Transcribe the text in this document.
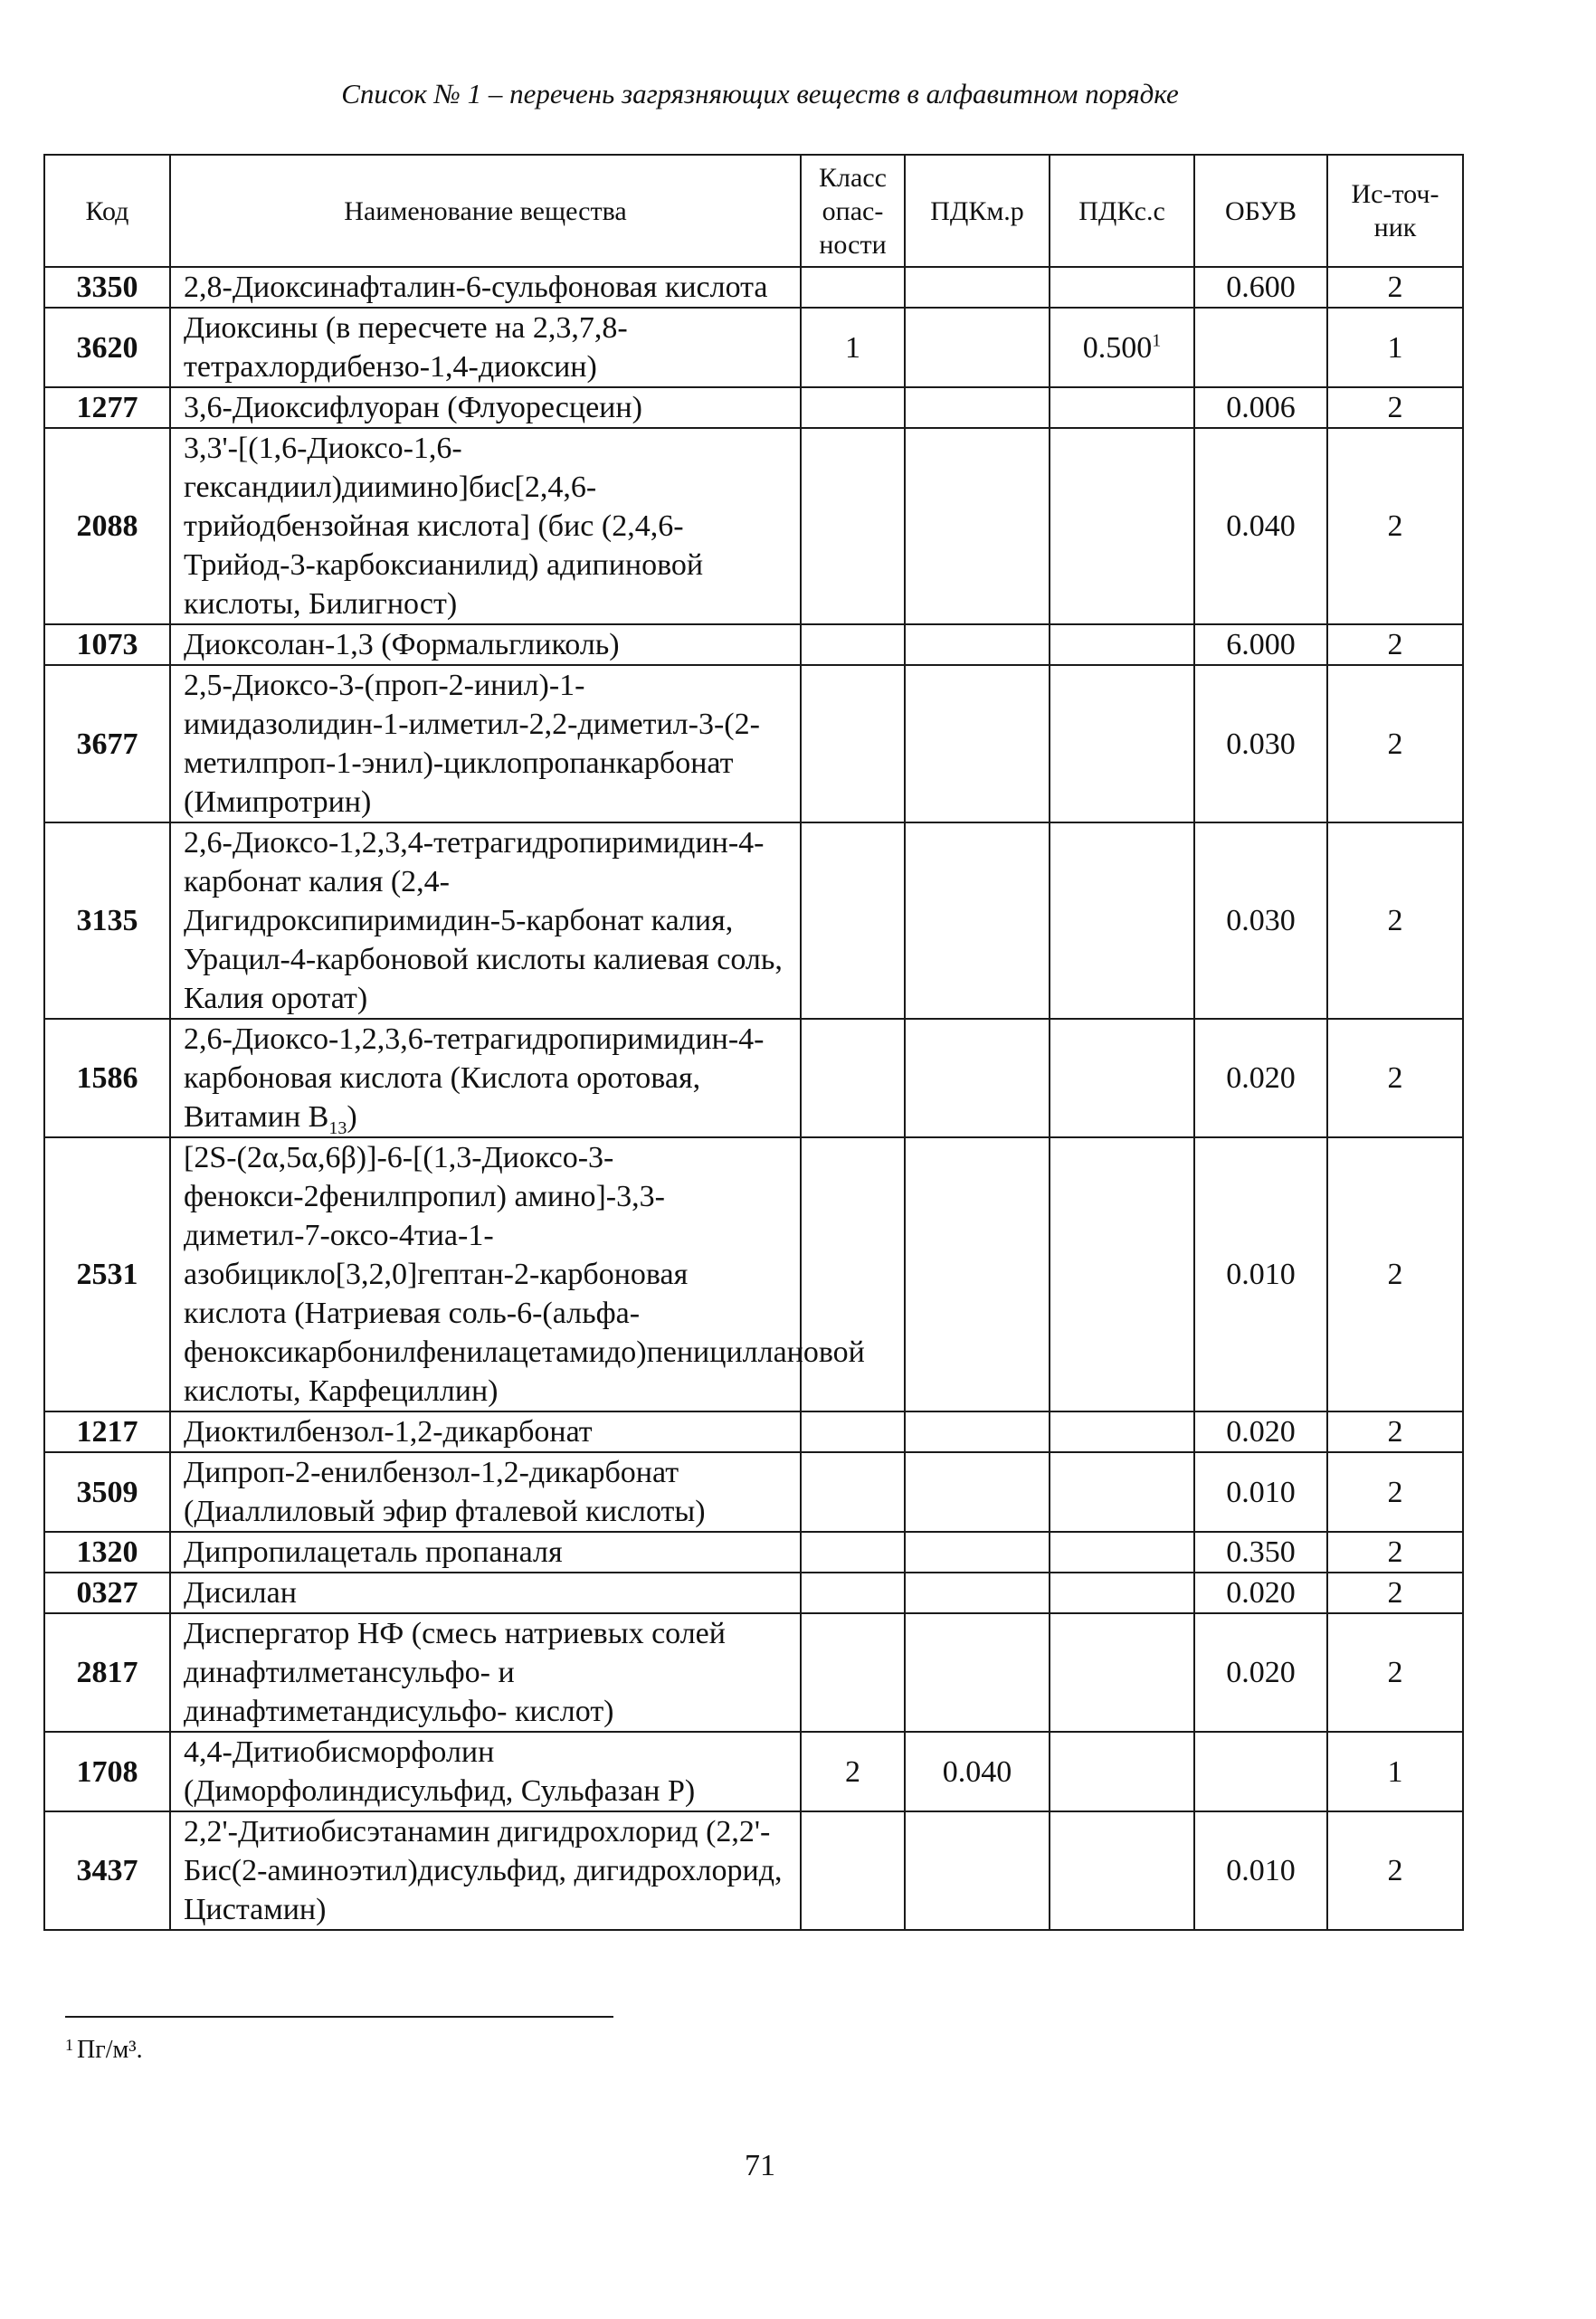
Список № 1 – перечень загрязняющих веществ в алфавитном порядке
Код	Наименование вещества	Класс опас-ности	ПДКм.р	ПДКс.с	ОБУВ	Ис-точ-ник
3350	2,8-Диоксинафталин-6-сульфоновая кислота				0.600	2
3620	Диоксины (в пересчете на 2,3,7,8-тетрахлордибензо-1,4-диоксин)	1		0.500$^1$		1
1277	3,6-Диоксифлуоран (Флуоресцеин)				0.006	2
2088	3,3'-[(1,6-Диоксо-1,6-гександиил)диимино]бис[2,4,6-трийодбензойная кислота] (бис (2,4,6-Трийод-3-карбоксианилид) адипиновой кислоты, Билигност)				0.040	2
1073	Диоксолан-1,3 (Формальгликоль)				6.000	2
3677	2,5-Диоксо-3-(проп-2-инил)-1-имидазолидин-1-илметил-2,2-диметил-3-(2-метилпроп-1-энил)-циклопропанкарбонат (Имипротрин)				0.030	2
3135	2,6-Диоксо-1,2,3,4-тетрагидропиримидин-4-карбонат калия (2,4-Дигидроксипиримидин-5-карбонат калия, Урацил-4-карбоновой кислоты калиевая соль, Калия оротат)				0.030	2
1586	2,6-Диоксо-1,2,3,6-тетрагидропиримидин-4-карбоновая кислота (Кислота оротовая, Витамин $B_{13}$)				0.020	2
2531	[2S-(2α,5α,6β)]-6-[(1,3-Диоксо-3-фенокси-2фенилпропил) амино]-3,3-диметил-7-оксо-4тиа-1-азобицикло[3,2,0]гептан-2-карбоновая кислота (Натриевая соль-6-(альфа-феноксикарбонилфенилацетамидо)пенициллановой кислоты, Карфециллин)				0.010	2
1217	Диоктилбензол-1,2-дикарбонат				0.020	2
3509	Дипроп-2-енилбензол-1,2-дикарбонат (Диаллиловый эфир фталевой кислоты)				0.010	2
1320	Дипропилацеталь пропаналя				0.350	2
0327	Дисилан				0.020	2
2817	Диспергатор НФ (смесь натриевых солей динафтилметансульфо- и динафтиметандисульфо- кислот)				0.020	2
1708	4,4-Дитиобисморфолин (Диморфолиндисульфид, Сульфазан Р)	2	0.040			1
3437	2,2'-Дитиобисэтанамин дигидрохлорид (2,2'-Бис(2-аминоэтил)дисульфид, дигидрохлорид, Цистамин)				0.010	2
$^1$ Пг/м³.
71
